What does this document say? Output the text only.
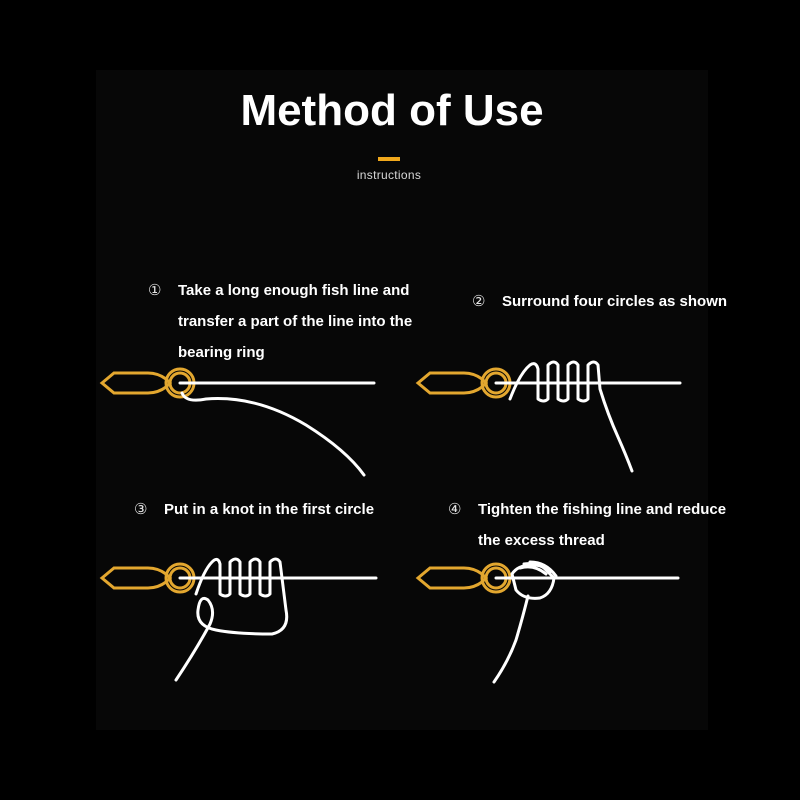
Method of Use
instructions
① Take a long enough fish line and
transfer a part of the line into the
bearing ring
② Surround four circles as shown
③ Put in a knot in the first circle	④ Tighten the fishing line and reduce
the excess thread
